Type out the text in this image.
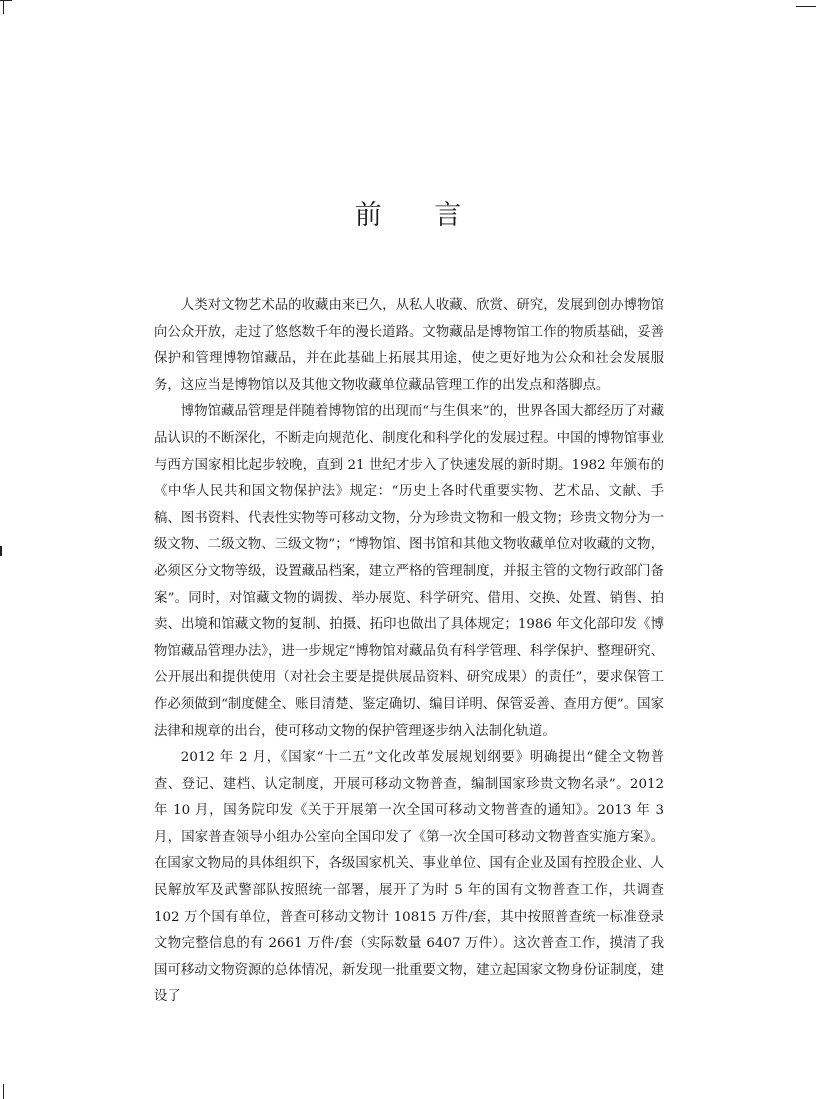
前 言

人类对文物艺术品的收藏由来已久，从私人收藏、欣赏、研究，发展到创办博物馆向公众开放，走过了悠悠数千年的漫长道路。文物藏品是博物馆工作的物质基础，妥善保护和管理博物馆藏品，并在此基础上拓展其用途，使之更好地为公众和社会发展服务，这应当是博物馆以及其他文物收藏单位藏品管理工作的出发点和落脚点。

博物馆藏品管理是伴随着博物馆的出现而“与生俱来”的，世界各国大都经历了对藏品认识的不断深化，不断走向规范化、制度化和科学化的发展过程。中国的博物馆事业与西方国家相比起步较晚，直到 21 世纪才步入了快速发展的新时期。1982 年颁布的《中华人民共和国文物保护法》规定：“历史上各时代重要实物、艺术品、文献、手稿、图书资料、代表性实物等可移动文物，分为珍贵文物和一般文物；珍贵文物分为一级文物、二级文物、三级文物”；“博物馆、图书馆和其他文物收藏单位对收藏的文物，必须区分文物等级，设置藏品档案，建立严格的管理制度，并报主管的文物行政部门备案”。同时，对馆藏文物的调拨、举办展览、科学研究、借用、交换、处置、销售、拍卖、出境和馆藏文物的复制、拍摄、拓印也做出了具体规定；1986 年文化部印发《博物馆藏品管理办法》，进一步规定“博物馆对藏品负有科学管理、科学保护、整理研究、公开展出和提供使用（对社会主要是提供展品资料、研究成果）的责任”，要求保管工作必须做到“制度健全、账目清楚、鉴定确切、编目详明、保管妥善、查用方便”。国家法律和规章的出台，使可移动文物的保护管理逐步纳入法制化轨道。

2012 年 2 月，《国家“十二五”文化改革发展规划纲要》明确提出“健全文物普查、登记、建档、认定制度，开展可移动文物普查，编制国家珍贵文物名录”。2012 年 10 月，国务院印发《关于开展第一次全国可移动文物普查的通知》。2013 年 3 月，国家普查领导小组办公室向全国印发了《第一次全国可移动文物普查实施方案》。在国家文物局的具体组织下，各级国家机关、事业单位、国有企业及国有控股企业、人民解放军及武警部队按照统一部署，展开了为时 5 年的国有文物普查工作，共调查 102 万个国有单位，普查可移动文物计 10815 万件/套，其中按照普查统一标准登录文物完整信息的有 2661 万件/套（实际数量 6407 万件）。这次普查工作，摸清了我国可移动文物资源的总体情况，新发现一批重要文物，建立起国家文物身份证制度，建设了
